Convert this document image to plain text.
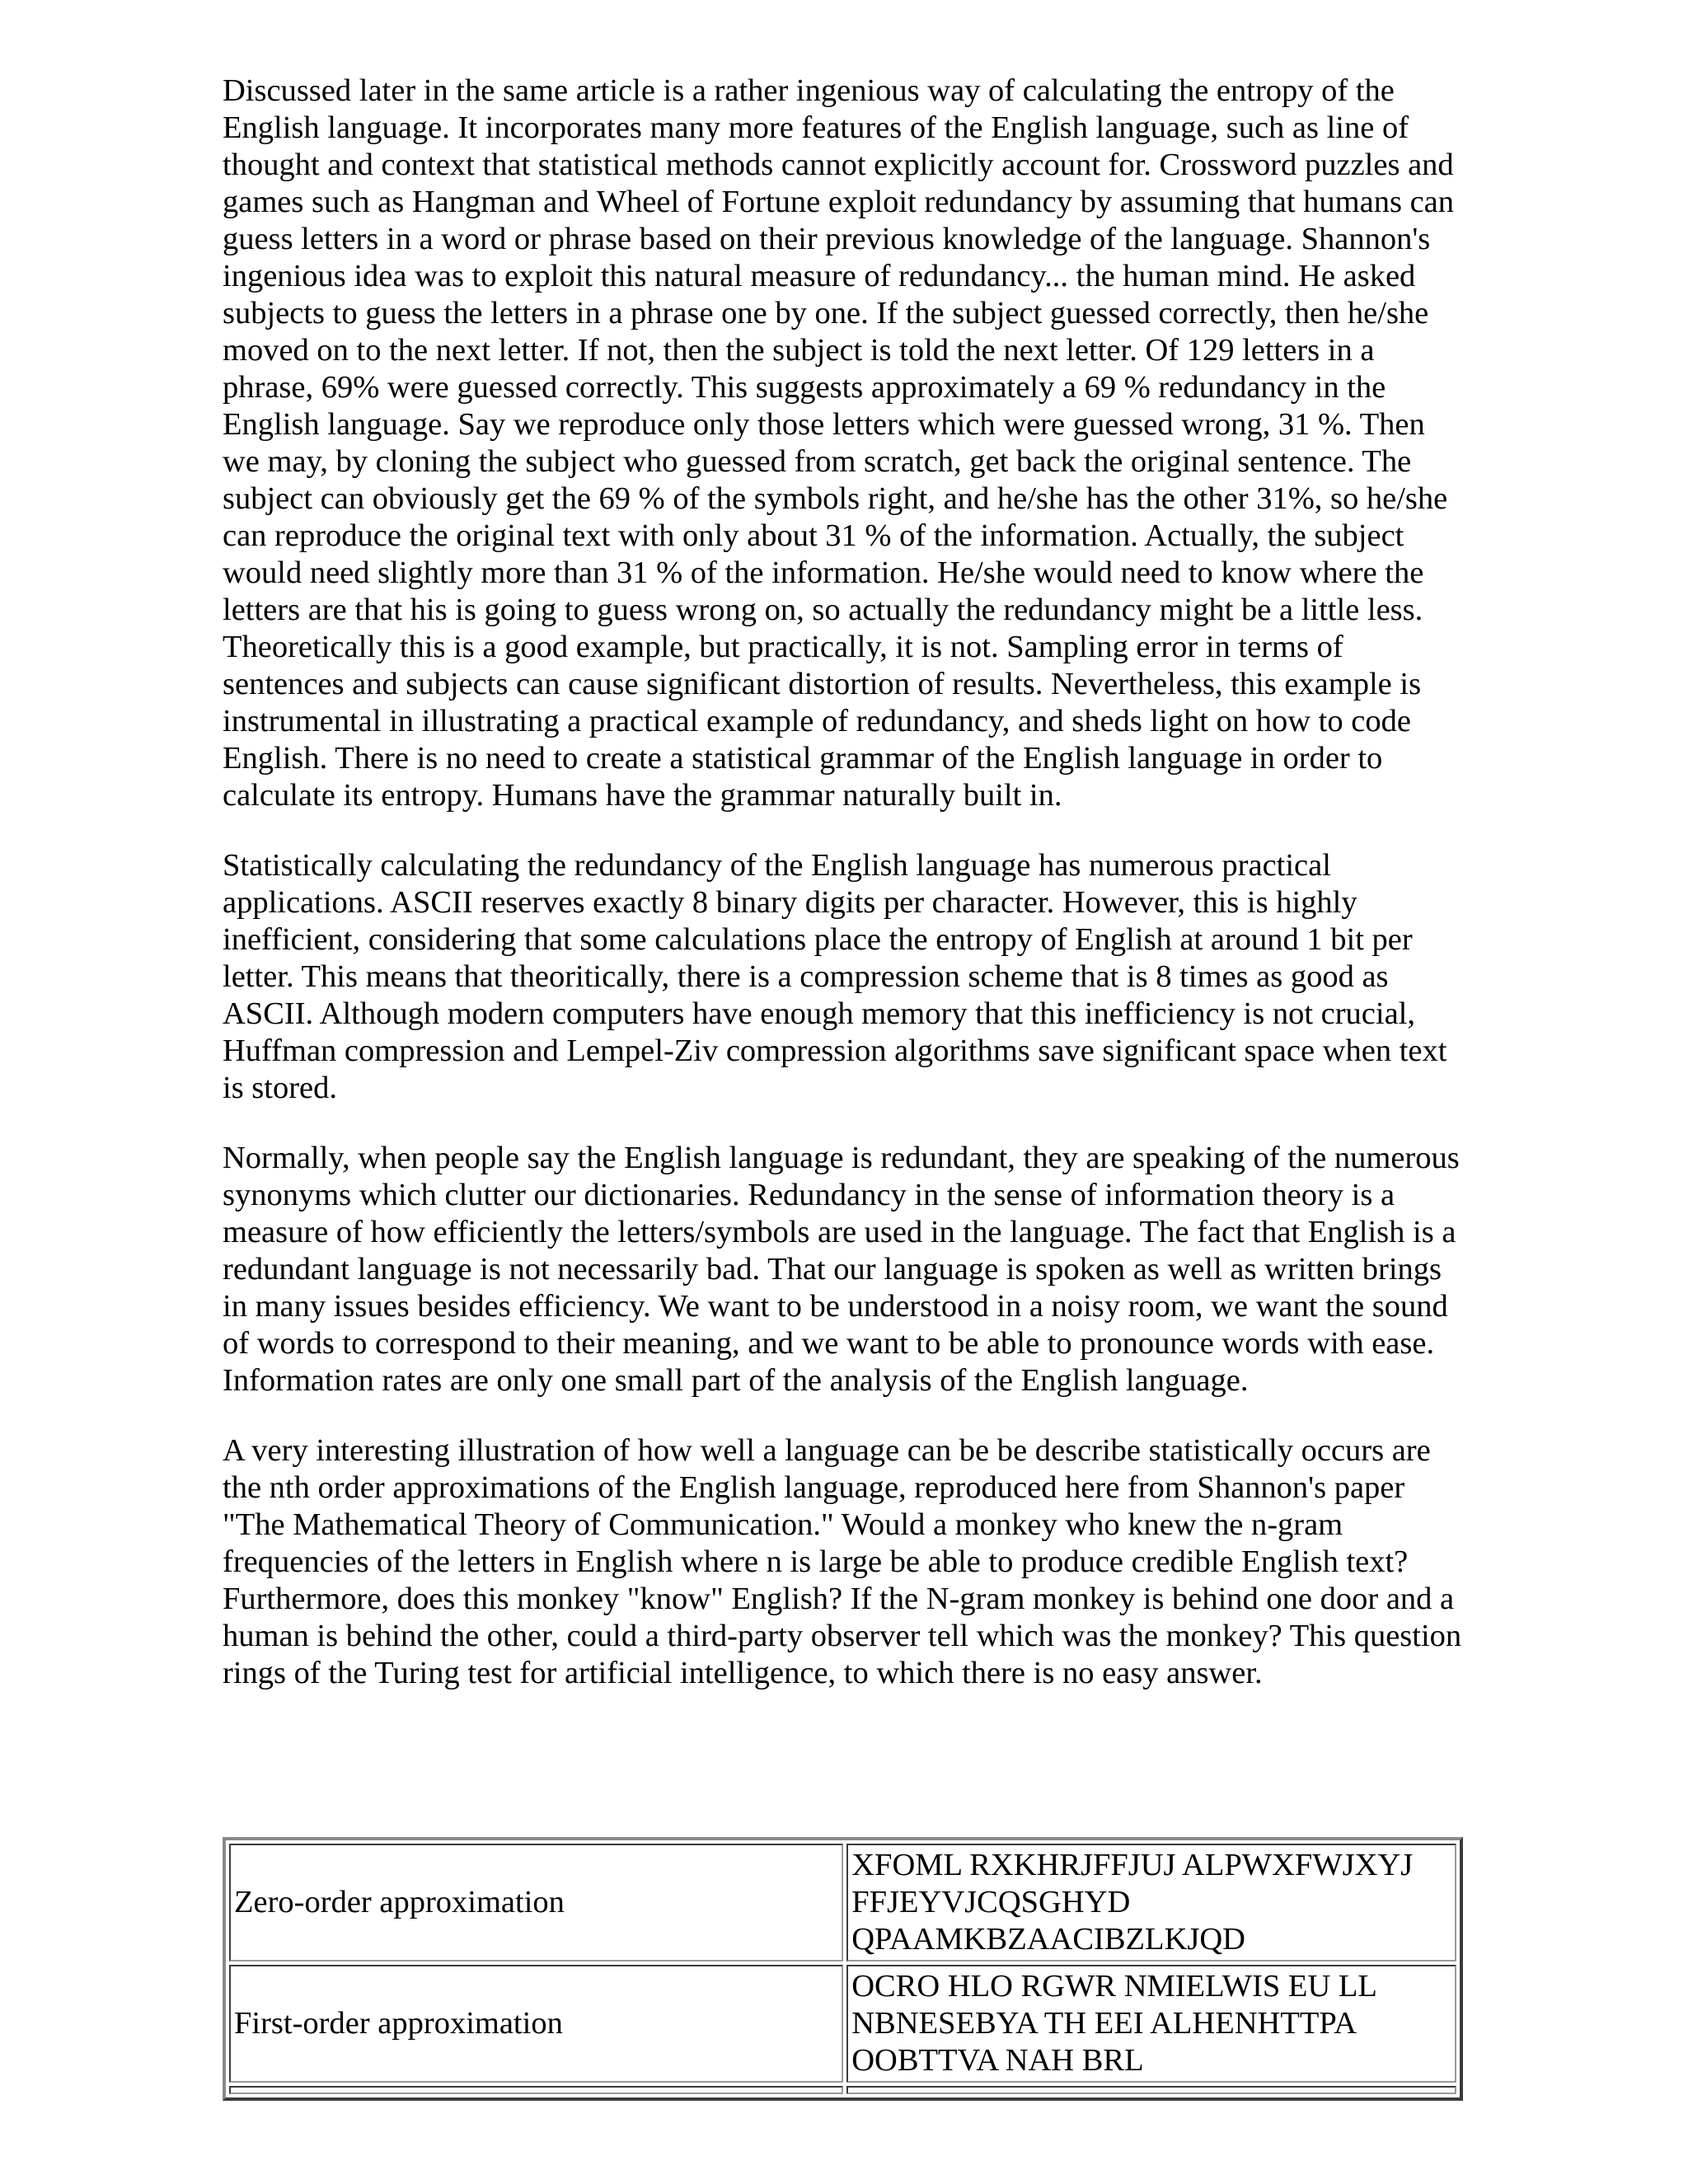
Discussed later in the same article is a rather ingenious way of calculating the entropy of the English language. It incorporates many more features of the English language, such as line of thought and context that statistical methods cannot explicitly account for. Crossword puzzles and games such as Hangman and Wheel of Fortune exploit redundancy by assuming that humans can guess letters in a word or phrase based on their previous knowledge of the language. Shannon's ingenious idea was to exploit this natural measure of redundancy... the human mind. He asked subjects to guess the letters in a phrase one by one. If the subject guessed correctly, then he/she moved on to the next letter. If not, then the subject is told the next letter. Of 129 letters in a phrase, 69% were guessed correctly. This suggests approximately a 69 % redundancy in the English language. Say we reproduce only those letters which were guessed wrong, 31 %. Then we may, by cloning the subject who guessed from scratch, get back the original sentence. The subject can obviously get the 69 % of the symbols right, and he/she has the other 31%, so he/she can reproduce the original text with only about 31 % of the information. Actually, the subject would need slightly more than 31 % of the information. He/she would need to know where the letters are that his is going to guess wrong on, so actually the redundancy might be a little less. Theoretically this is a good example, but practically, it is not. Sampling error in terms of sentences and subjects can cause significant distortion of results. Nevertheless, this example is instrumental in illustrating a practical example of redundancy, and sheds light on how to code English. There is no need to create a statistical grammar of the English language in order to calculate its entropy. Humans have the grammar naturally built in.

Statistically calculating the redundancy of the English language has numerous practical applications. ASCII reserves exactly 8 binary digits per character. However, this is highly inefficient, considering that some calculations place the entropy of English at around 1 bit per letter. This means that theoritically, there is a compression scheme that is 8 times as good as ASCII. Although modern computers have enough memory that this inefficiency is not crucial, Huffman compression and Lempel-Ziv compression algorithms save significant space when text is stored.

Normally, when people say the English language is redundant, they are speaking of the numerous synonyms which clutter our dictionaries. Redundancy in the sense of information theory is a measure of how efficiently the letters/symbols are used in the language. The fact that English is a redundant language is not necessarily bad. That our language is spoken as well as written brings in many issues besides efficiency. We want to be understood in a noisy room, we want the sound of words to correspond to their meaning, and we want to be able to pronounce words with ease. Information rates are only one small part of the analysis of the English language.

A very interesting illustration of how well a language can be be describe statistically occurs are the nth order approximations of the English language, reproduced here from Shannon's paper "The Mathematical Theory of Communication." Would a monkey who knew the n-gram frequencies of the letters in English where n is large be able to produce credible English text? Furthermore, does this monkey "know" English? If the N-gram monkey is behind one door and a human is behind the other, could a third-party observer tell which was the monkey? This question rings of the Turing test for artificial intelligence, to which there is no easy answer.

Zero-order approximation	XFOML RXKHRJFFJUJ ALPWXFWJXYJ FFJEYVJCQSGHYD QPAAMKBZAACIBZLKJQD
First-order approximation	OCRO HLO RGWR NMIELWIS EU LL NBNESEBYA TH EEI ALHENHTTPA OOBTTVA NAH BRL
